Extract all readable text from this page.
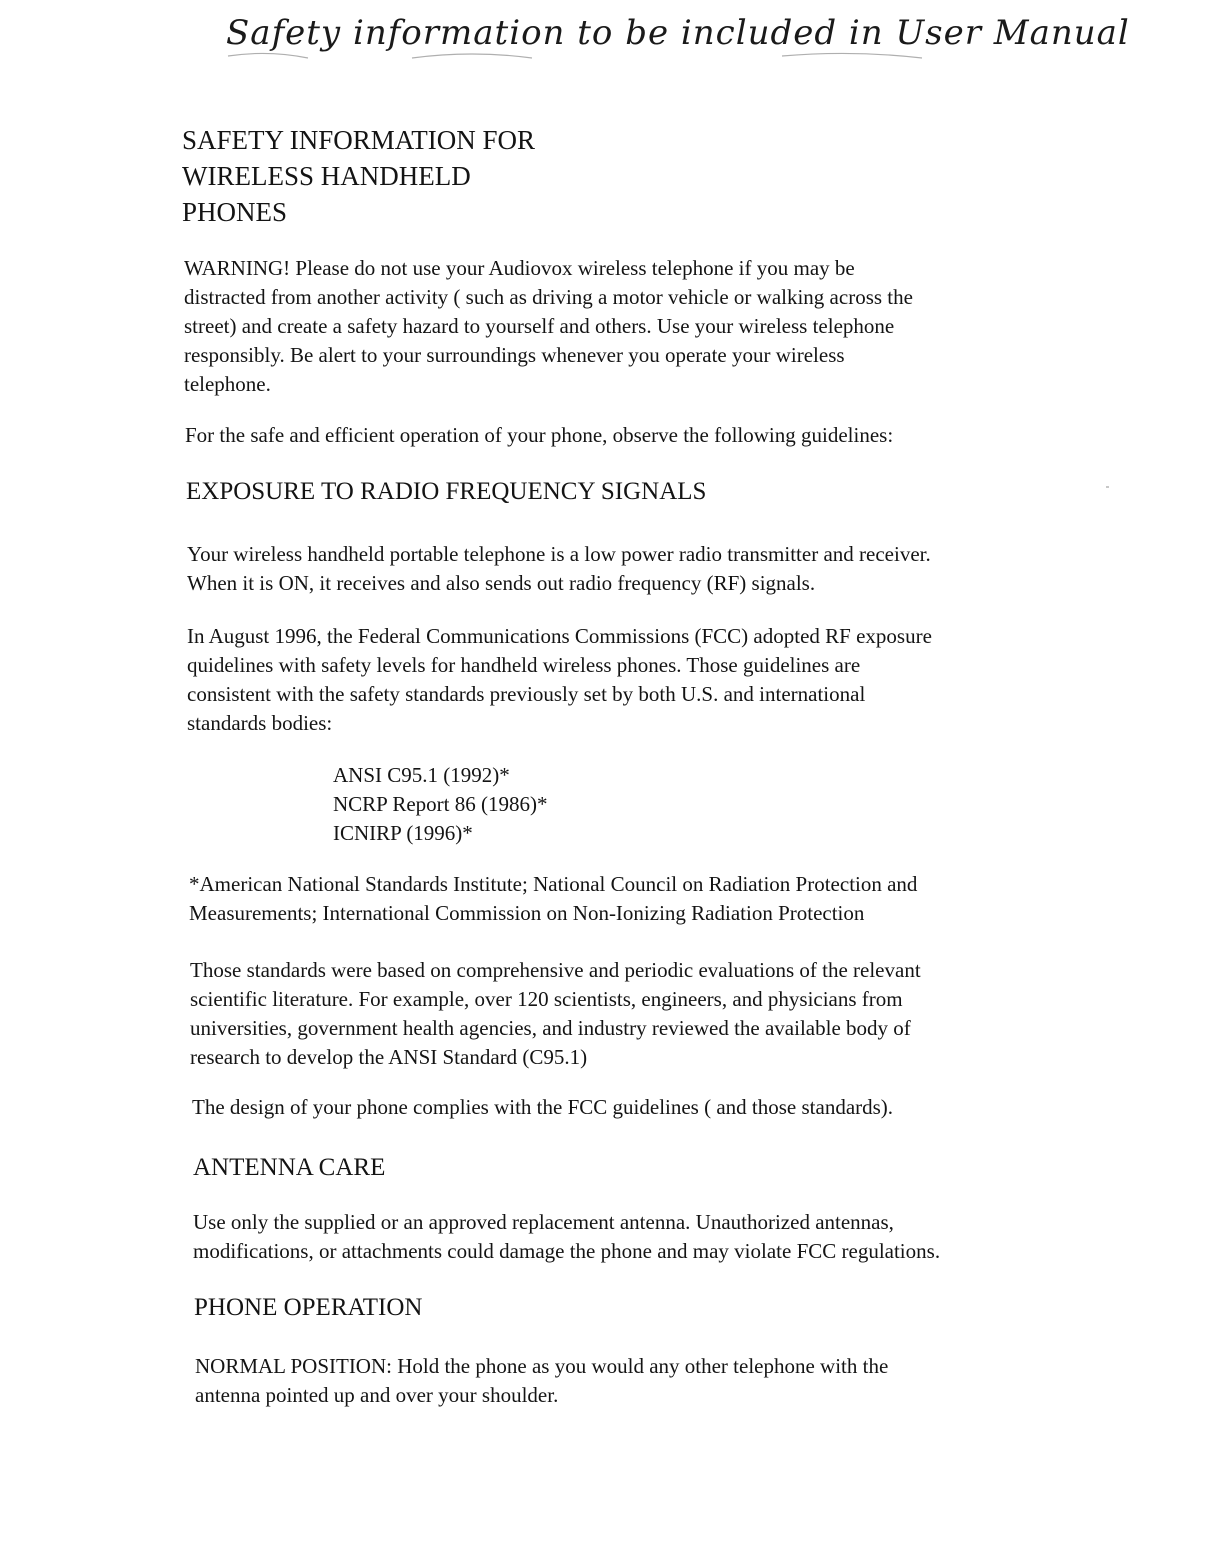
Safety information to be included in User Manual
SAFETY INFORMATION FOR
WIRELESS HANDHELD
PHONES

WARNING! Please do not use your Audiovox wireless telephone if you may be
distracted from another activity ( such as driving a motor vehicle or walking across the
street) and create a safety hazard to yourself and others. Use your wireless telephone
responsibly. Be alert to your surroundings whenever you operate your wireless
telephone.

For the safe and efficient operation of your phone, observe the following guidelines:

EXPOSURE TO RADIO FREQUENCY SIGNALS

Your wireless handheld portable telephone is a low power radio transmitter and receiver.
When it is ON, it receives and also sends out radio frequency (RF) signals.

In August 1996, the Federal Communications Commissions (FCC) adopted RF exposure
quidelines with safety levels for handheld wireless phones. Those guidelines are
consistent with the safety standards previously set by both U.S. and international
standards bodies:

ANSI C95.1 (1992)*
NCRP Report 86 (1986)*
ICNIRP (1996)*

*American National Standards Institute; National Council on Radiation Protection and
Measurements; International Commission on Non-Ionizing Radiation Protection

Those standards were based on comprehensive and periodic evaluations of the relevant
scientific literature. For example, over 120 scientists, engineers, and physicians from
universities, government health agencies, and industry reviewed the available body of
research to develop the ANSI Standard (C95.1)

The design of your phone complies with the FCC guidelines ( and those standards).

ANTENNA CARE

Use only the supplied or an approved replacement antenna. Unauthorized antennas,
modifications, or attachments could damage the phone and may violate FCC regulations.

PHONE OPERATION

NORMAL POSITION: Hold the phone as you would any other telephone with the
antenna pointed up and over your shoulder.
